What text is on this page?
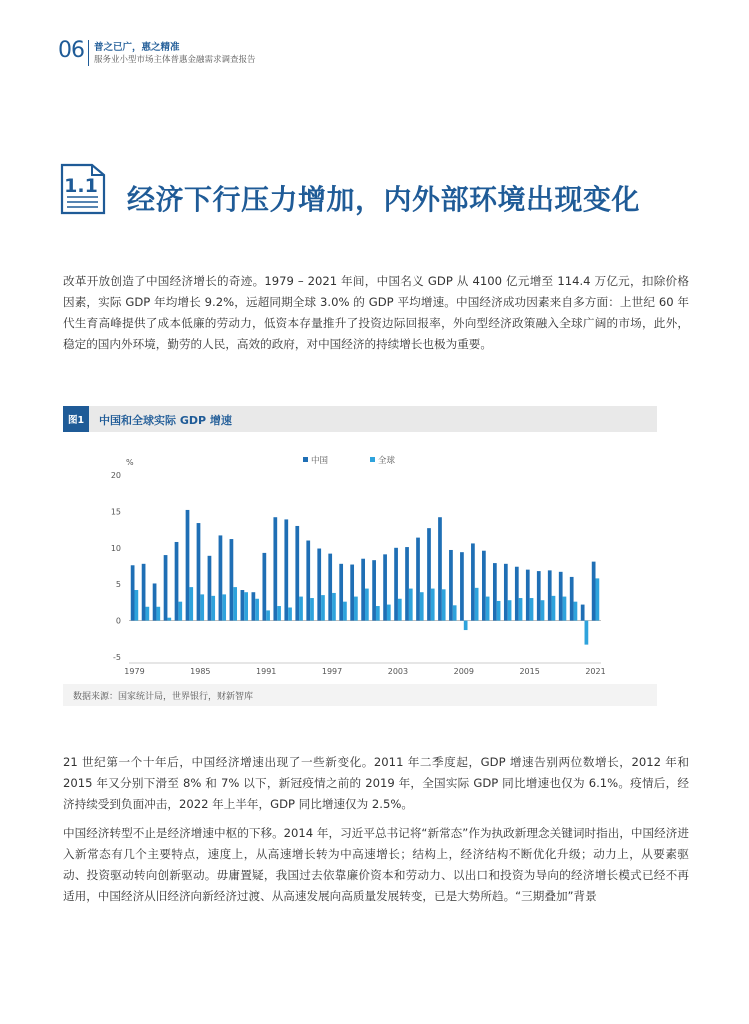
06 普之已广，惠之精准
服务业小型市场主体普惠金融需求调查报告
1.1 经济下行压力增加，内外部环境出现变化
改革开放创造了中国经济增长的奇迹。1979 – 2021 年间，中国名义 GDP 从 4100 亿元增至 114.4 万亿元，扣除价格因素，实际 GDP 年均增长 9.2%，远超同期全球 3.0% 的 GDP 平均增速。中国经济成功因素来自多方面：上世纪 60 年代生育高峰提供了成本低廉的劳动力，低资本存量推升了投资边际回报率，外向型经济政策融入全球广阔的市场，此外，稳定的国内外环境，勤劳的人民，高效的政府，对中国经济的持续增长也极为重要。
图1	中国和全球实际 GDP 增速
%	中国	全球
-5
0
5
10
15
20
1979	1985	1991	1997	2003	2009	2015	2021
数据来源：国家统计局，世界银行，财新智库
21 世纪第一个十年后，中国经济增速出现了一些新变化。2011 年二季度起，GDP 增速告别两位数增长，2012 年和 2015 年又分别下滑至 8% 和 7% 以下，新冠疫情之前的 2019 年，全国实际 GDP 同比增速也仅为 6.1%。疫情后，经济持续受到负面冲击，2022 年上半年，GDP 同比增速仅为 2.5%。
中国经济转型不止是经济增速中枢的下移。2014 年，习近平总书记将“新常态”作为执政新理念关键词时指出，中国经济进入新常态有几个主要特点，速度上，从高速增长转为中高速增长；结构上，经济结构不断优化升级；动力上，从要素驱动、投资驱动转向创新驱动。毋庸置疑，我国过去依靠廉价资本和劳动力、以出口和投资为导向的经济增长模式已经不再适用，中国经济从旧经济向新经济过渡、从高速发展向高质量发展转变，已是大势所趋。“三期叠加”背景
